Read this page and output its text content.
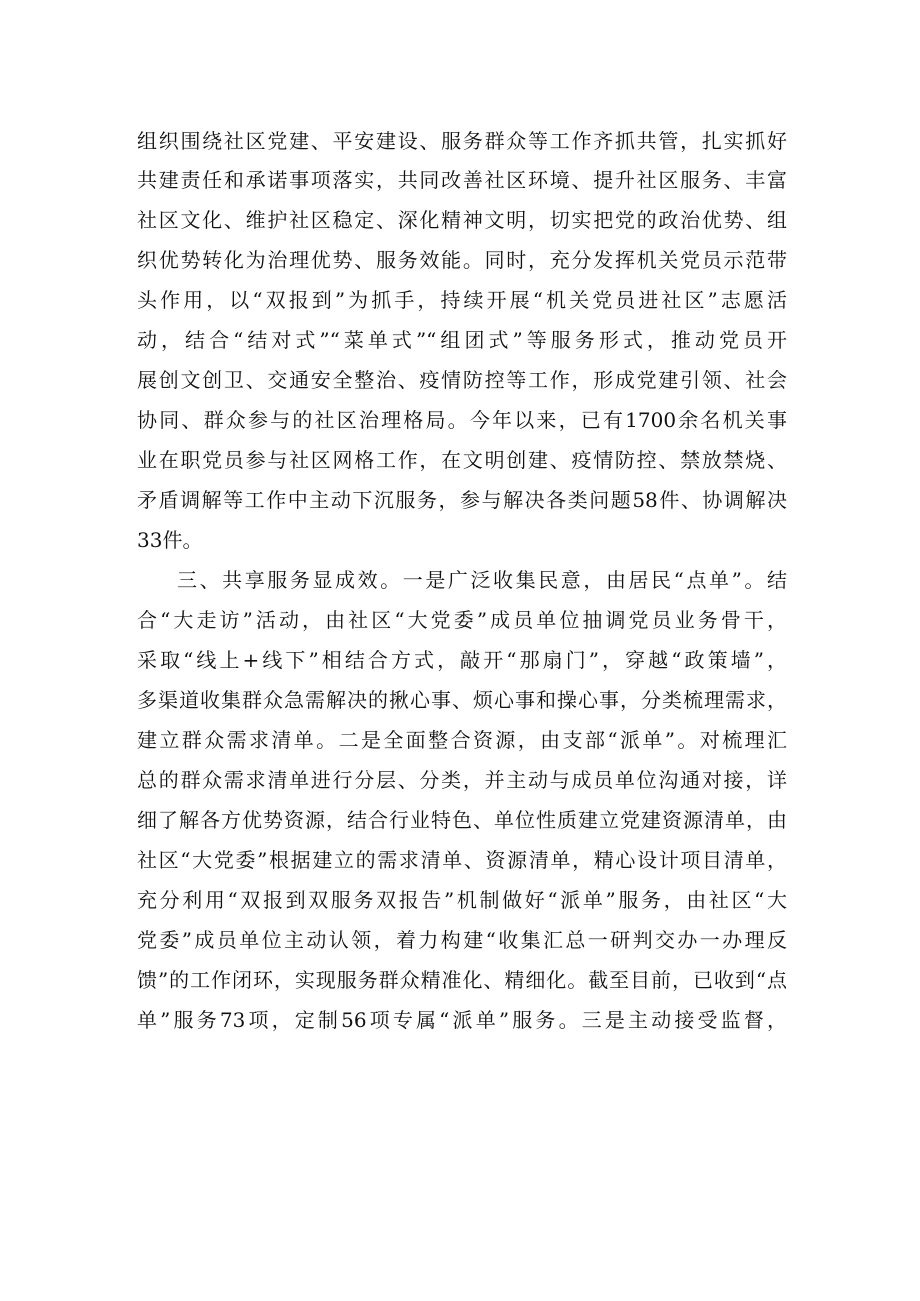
组织围绕社区党建、平安建设、服务群众等工作齐抓共管，扎实抓好
共建责任和承诺事项落实，共同改善社区环境、提升社区服务、丰富
社区文化、维护社区稳定、深化精神文明，切实把党的政治优势、组
织优势转化为治理优势、服务效能。同时，充分发挥机关党员示范带
头作用，以“双报到”为抓手，持续开展“机关党员进社区”志愿活
动，结合“结对式”“菜单式”“组团式”等服务形式，推动党员开
展创文创卫、交通安全整治、疫情防控等工作，形成党建引领、社会
协同、群众参与的社区治理格局。今年以来，已有1700余名机关事
业在职党员参与社区网格工作，在文明创建、疫情防控、禁放禁烧、
矛盾调解等工作中主动下沉服务，参与解决各类问题58件、协调解决
33件。
三、共享服务显成效。一是广泛收集民意，由居民“点单”。结
合“大走访”活动，由社区“大党委”成员单位抽调党员业务骨干，
采取“线上+线下”相结合方式，敲开“那扇门”，穿越“政策墙”，
多渠道收集群众急需解决的揪心事、烦心事和操心事，分类梳理需求，
建立群众需求清单。二是全面整合资源，由支部“派单”。对梳理汇
总的群众需求清单进行分层、分类，并主动与成员单位沟通对接，详
细了解各方优势资源，结合行业特色、单位性质建立党建资源清单，由
社区“大党委”根据建立的需求清单、资源清单，精心设计项目清单，
充分利用“双报到双服务双报告”机制做好“派单”服务，由社区“大
党委”成员单位主动认领，着力构建“收集汇总一研判交办一办理反
馈”的工作闭环，实现服务群众精准化、精细化。截至目前，已收到“点
单”服务73项，定制56项专属“派单”服务。三是主动接受监督，
